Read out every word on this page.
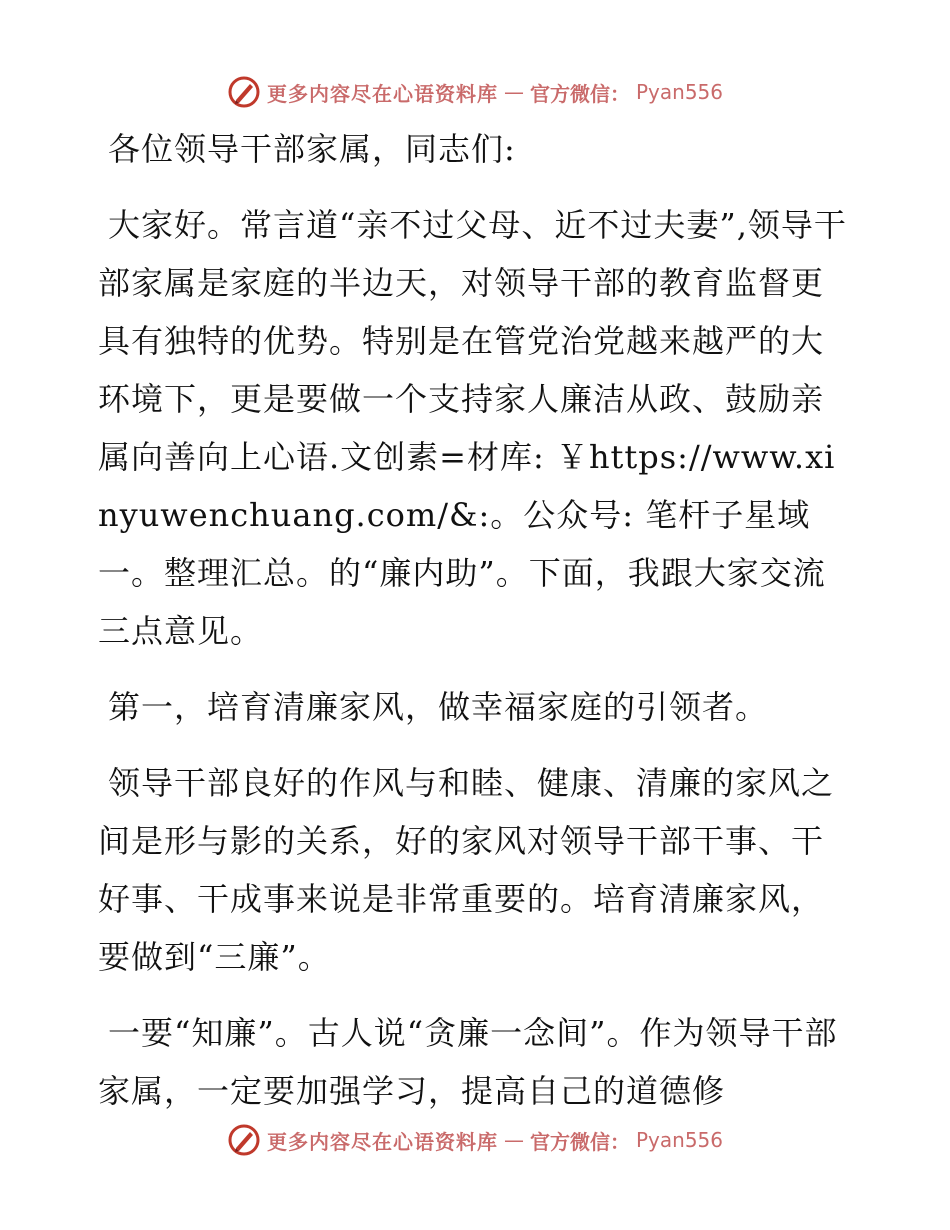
更多内容尽在心语资料库 — 官方微信： Pyan556

各位领导干部家属，同志们:

大家好。常言道“亲不过父母、近不过夫妻”,领导干部家属是家庭的半边天，对领导干部的教育监督更具有独特的优势。特别是在管党治党越来越严的大环境下，更是要做一个支持家人廉洁从政、鼓励亲属向善向上心语.文创素=材库: ￥https://www.xinyuwenchuang.com/&:。公众号: 笔杆子星域一。整理汇总。的“廉内助”。下面，我跟大家交流三点意见。

第一，培育清廉家风，做幸福家庭的引领者。

领导干部良好的作风与和睦、健康、清廉的家风之间是形与影的关系，好的家风对领导干部干事、干好事、干成事来说是非常重要的。培育清廉家风，要做到“三廉”。

一要“知廉”。古人说“贪廉一念间”。作为领导干部家属，一定要加强学习，提高自己的道德修

更多内容尽在心语资料库 — 官方微信： Pyan556
